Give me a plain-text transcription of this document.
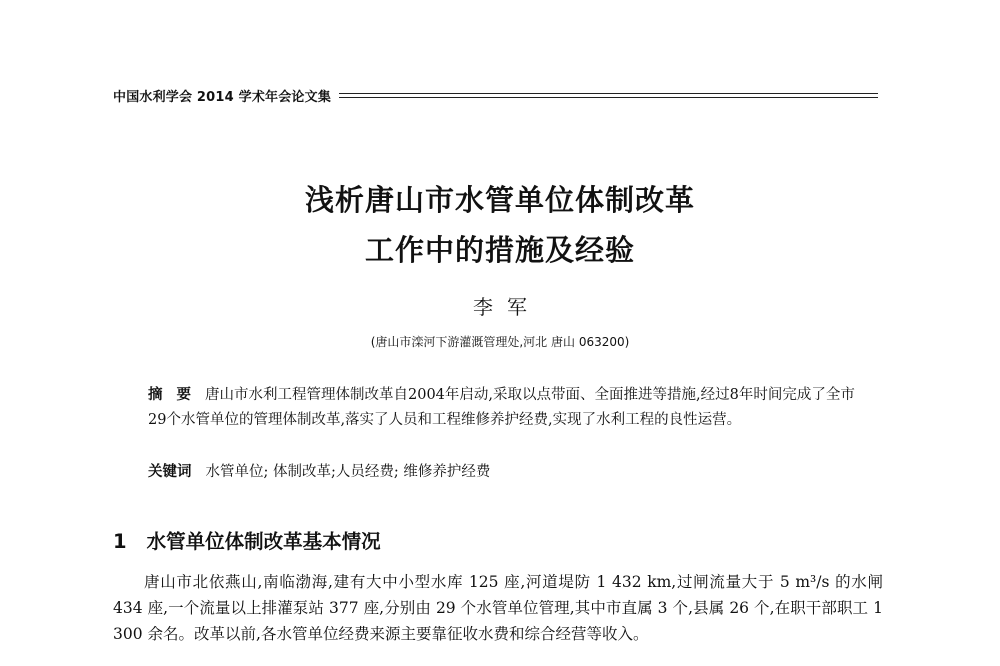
中国水利学会 2014 学术年会论文集
浅析唐山市水管单位体制改革
工作中的措施及经验
李军
(唐山市滦河下游灌溉管理处,河北 唐山 063200)

摘要唐山市水利工程管理体制改革自2004年启动,采取以点带面、全面推进等措施,经过8年时间完成了全市29个水管单位的管理体制改革,落实了人员和工程维修养护经费,实现了水利工程的良性运营。

关键词 水管单位; 体制改革;人员经费; 维修养护经费
1 水管单位体制改革基本情况

唐山市北依燕山,南临渤海,建有大中小型水库 125 座,河道堤防 1 432 km,过闸流量大于 5 m³/s 的水闸 434 座,一个流量以上排灌泵站 377 座,分别由 29 个水管单位管理,其中市直属 3 个,县属 26 个,在职干部职工 1 300 余名。改革以前,各水管单位经费来源主要靠征收水费和综合经营等收入。
